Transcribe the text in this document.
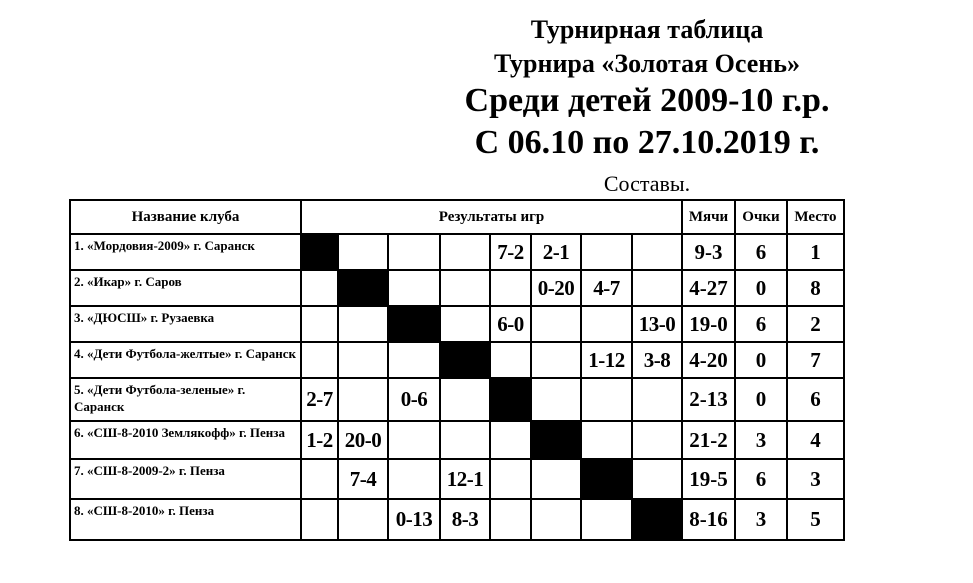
Турнирная таблица
Турнира «Золотая Осень»
Среди детей 2009-10 г.р.
С 06.10 по 27.10.2019 г.
Составы.
Название клуба	Результаты игр								Мячи	Очки	Место
1. «Мордовия-2009» г. Саранск					7-2	2-1			9-3	6	1
2. «Икар» г. Саров						0-20	4-7		4-27	0	8
3. «ДЮСШ» г. Рузаевка					6-0			13-0	19-0	6	2
4. «Дети Футбола-желтые» г. Саранск							1-12	3-8	4-20	0	7
5. «Дети Футбола-зеленые» г. Саранск	2-7		0-6						2-13	0	6
6. «СШ-8-2010 Землякофф» г. Пенза	1-2	20-0							21-2	3	4
7. «СШ-8-2009-2» г. Пенза		7-4		12-1					19-5	6	3
8. «СШ-8-2010» г. Пенза			0-13	8-3					8-16	3	5
